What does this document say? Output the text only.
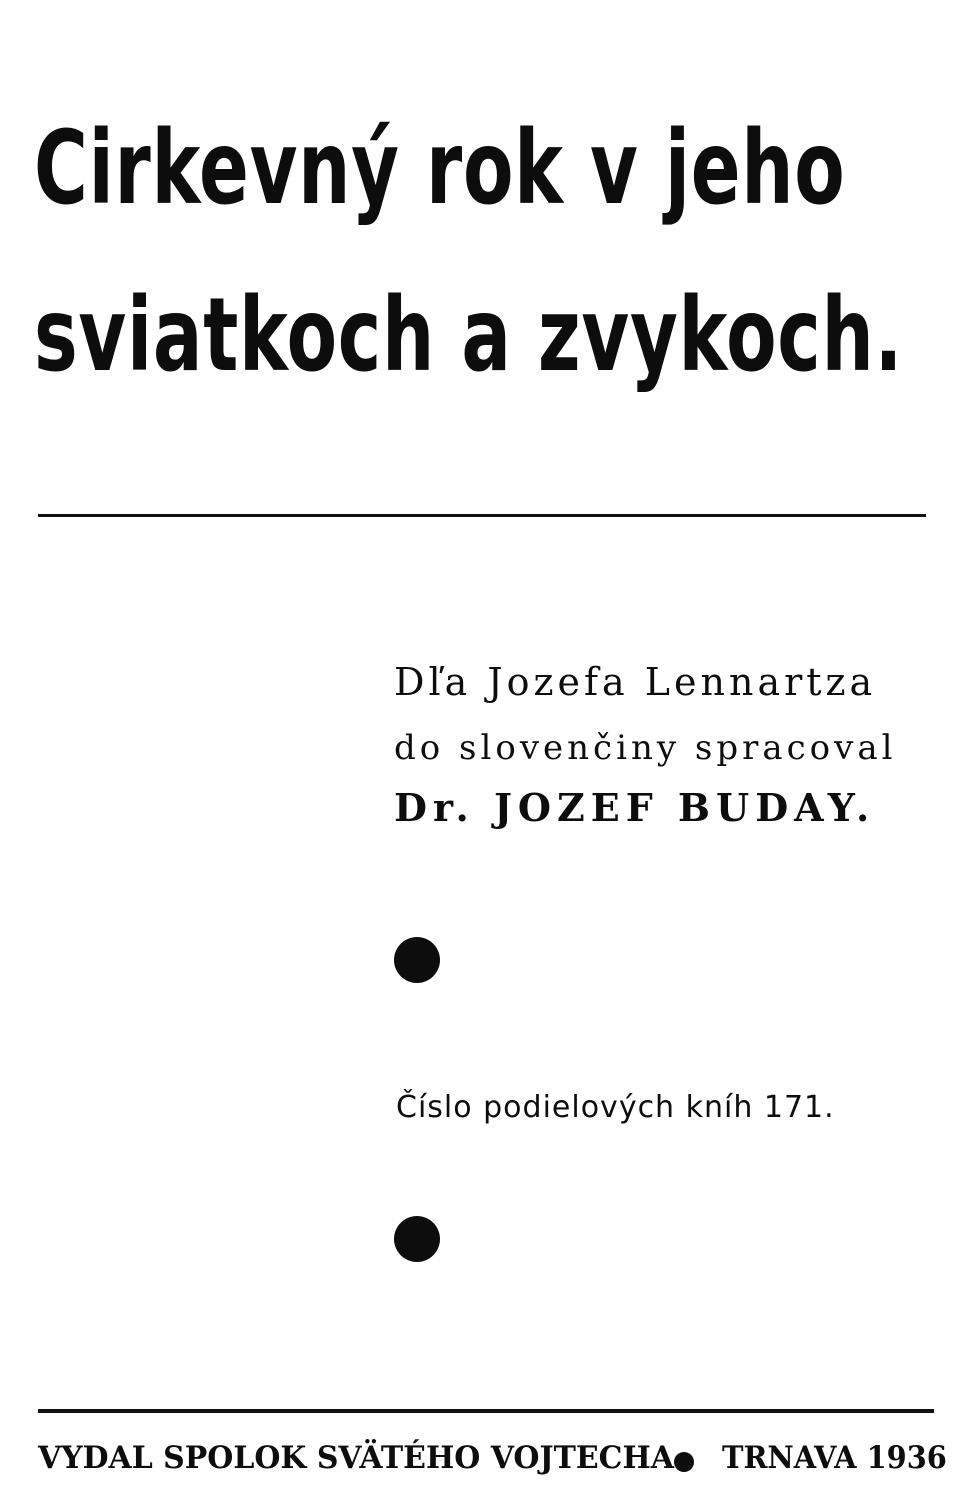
Cirkevný rok v jeho
sviatkoch a zvykoch.
Dľa Jozefa Lennartza
do slovenčiny spracoval
Dr. JOZEF BUDAY.
Číslo podielových kníh 171.
VYDAL SPOLOK SVÄTÉHO VOJTECHA TRNAVA 1936
